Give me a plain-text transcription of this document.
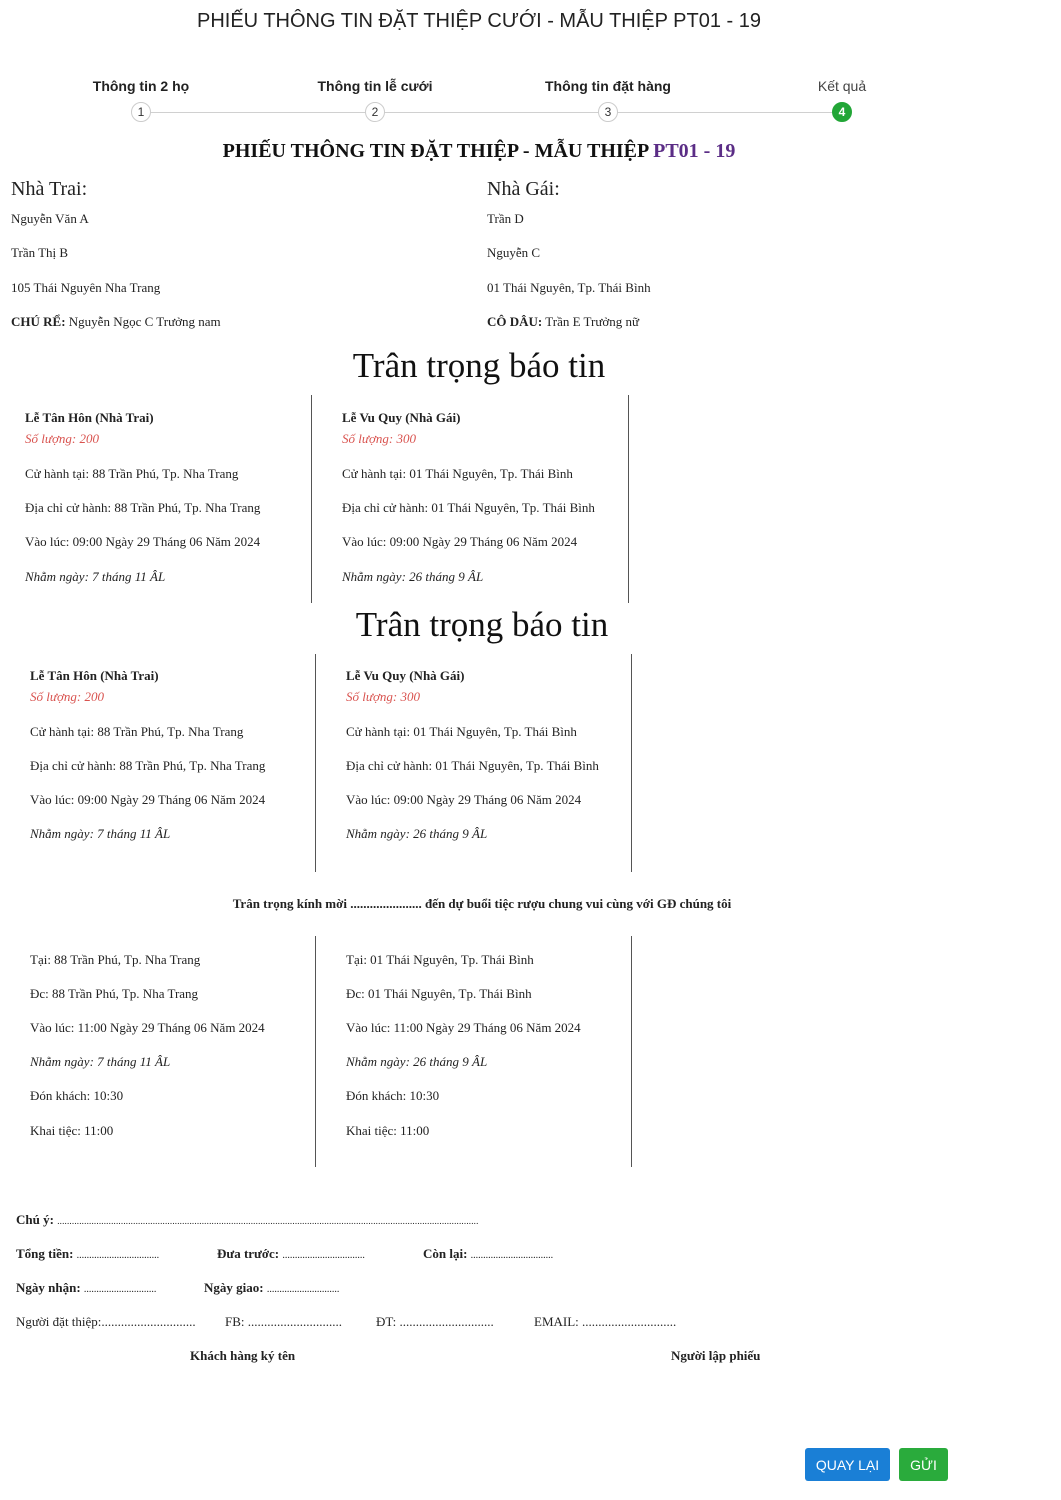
PHIẾU THÔNG TIN ĐẶT THIỆP CƯỚI - MẪU THIỆP PT01 - 19
Thông tin 2 họ
1
Thông tin lễ cưới
2
Thông tin đặt hàng
3
Kết quả
4
PHIẾU THÔNG TIN ĐẶT THIỆP - MẪU THIỆP PT01 - 19
Nhà Trai:
Nguyễn Văn A
Trần Thị B
105 Thái Nguyên Nha Trang
CHÚ RỂ: Nguyễn Ngọc C Trưởng nam
Nhà Gái:
Trần D
Nguyễn C
01 Thái Nguyên, Tp. Thái Bình
CÔ DÂU: Trần E Trưởng nữ
Trân trọng báo tin
Lễ Tân Hôn (Nhà Trai)
Số lượng: 200
Cử hành tại: 88 Trần Phú, Tp. Nha Trang
Địa chỉ cử hành: 88 Trần Phú, Tp. Nha Trang
Vào lúc: 09:00 Ngày 29 Tháng 06 Năm 2024
Nhằm ngày: 7 tháng 11 ÂL
Lễ Vu Quy (Nhà Gái)
Số lượng: 300
Cử hành tại: 01 Thái Nguyên, Tp. Thái Bình
Địa chỉ cử hành: 01 Thái Nguyên, Tp. Thái Bình
Vào lúc: 09:00 Ngày 29 Tháng 06 Năm 2024
Nhằm ngày: 26 tháng 9 ÂL
Trân trọng báo tin
Lễ Tân Hôn (Nhà Trai)
Số lượng: 200
Cử hành tại: 88 Trần Phú, Tp. Nha Trang
Địa chỉ cử hành: 88 Trần Phú, Tp. Nha Trang
Vào lúc: 09:00 Ngày 29 Tháng 06 Năm 2024
Nhằm ngày: 7 tháng 11 ÂL
Lễ Vu Quy (Nhà Gái)
Số lượng: 300
Cử hành tại: 01 Thái Nguyên, Tp. Thái Bình
Địa chỉ cử hành: 01 Thái Nguyên, Tp. Thái Bình
Vào lúc: 09:00 Ngày 29 Tháng 06 Năm 2024
Nhằm ngày: 26 tháng 9 ÂL
Trân trọng kính mời ...................... đến dự buổi tiệc rượu chung vui cùng với GĐ chúng tôi
Tại: 88 Trần Phú, Tp. Nha Trang
Đc: 88 Trần Phú, Tp. Nha Trang
Vào lúc: 11:00 Ngày 29 Tháng 06 Năm 2024
Nhằm ngày: 7 tháng 11 ÂL
Đón khách: 10:30
Khai tiệc: 11:00
Tại: 01 Thái Nguyên, Tp. Thái Bình
Đc: 01 Thái Nguyên, Tp. Thái Bình
Vào lúc: 11:00 Ngày 29 Tháng 06 Năm 2024
Nhằm ngày: 26 tháng 9 ÂL
Đón khách: 10:30
Khai tiệc: 11:00
Chú ý: ............................................................................................................................................................................
Tổng tiền: .................................	Đưa trước: .................................	Còn lại: .................................
Ngày nhận: .............................	Ngày giao: .............................
Người đặt thiệp:............................. FB: .............................	ĐT: .............................	EMAIL: .............................
Khách hàng ký tên	Người lập phiếu
QUAY LẠI	GỬI
